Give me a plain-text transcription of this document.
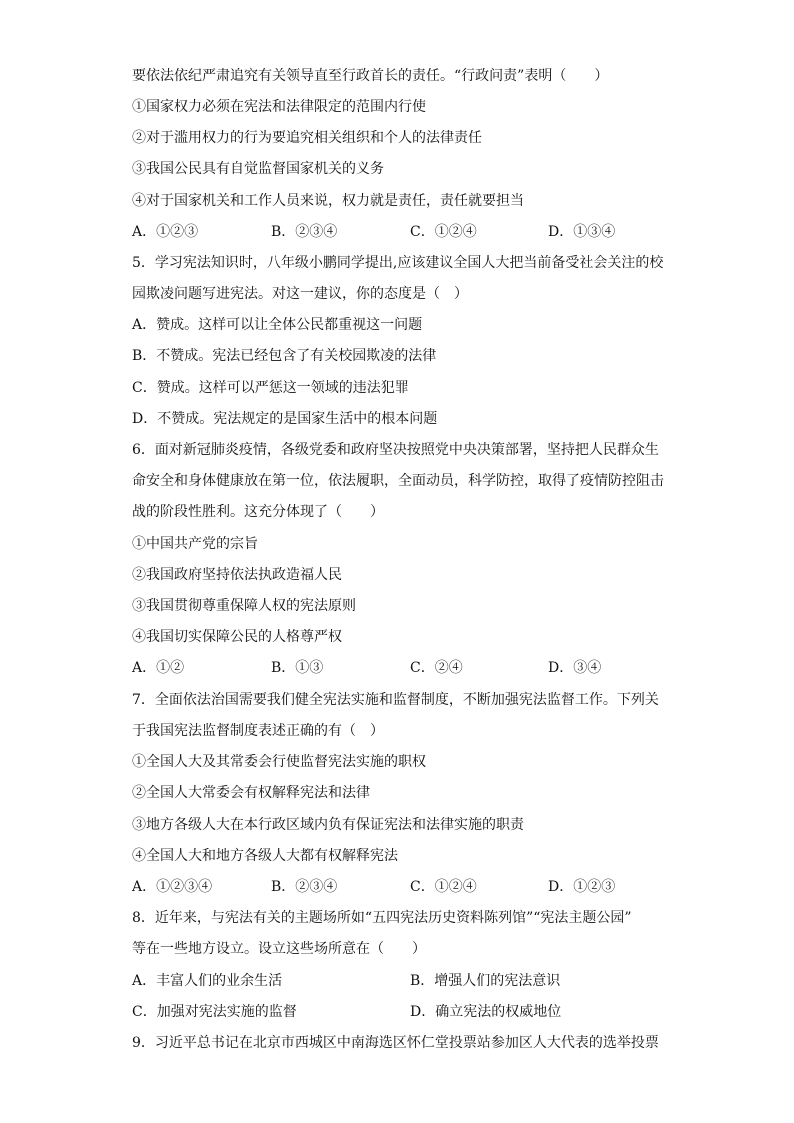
要依法依纪严肃追究有关领导直至行政首长的责任。“行政问责”表明（　　）
①国家权力必须在宪法和法律限定的范围内行使
②对于滥用权力的行为要追究相关组织和个人的法律责任
③我国公民具有自觉监督国家机关的义务
④对于国家机关和工作人员来说，权力就是责任，责任就要担当
A．①②③	B．②③④	C．①②④	D．①③④
5．学习宪法知识时，八年级小鹏同学提出,应该建议全国人大把当前备受社会关注的校
园欺凌问题写进宪法。对这一建议，你的态度是（　）
A．赞成。这样可以让全体公民都重视这一问题
B．不赞成。宪法已经包含了有关校园欺凌的法律
C．赞成。这样可以严惩这一领域的违法犯罪
D．不赞成。宪法规定的是国家生活中的根本问题
6．面对新冠肺炎疫情，各级党委和政府坚决按照党中央决策部署，坚持把人民群众生
命安全和身体健康放在第一位，依法履职，全面动员，科学防控，取得了疫情防控阻击
战的阶段性胜利。这充分体现了（　　）
①中国共产党的宗旨
②我国政府坚持依法执政造福人民
③我国贯彻尊重保障人权的宪法原则
④我国切实保障公民的人格尊严权
A．①②	B．①③	C．②④	D．③④
7．全面依法治国需要我们健全宪法实施和监督制度，不断加强宪法监督工作。下列关
于我国宪法监督制度表述正确的有（　）
①全国人大及其常委会行使监督宪法实施的职权
②全国人大常委会有权解释宪法和法律
③地方各级人大在本行政区域内负有保证宪法和法律实施的职责
④全国人大和地方各级人大都有权解释宪法
A．①②③④	B．②③④	C．①②④	D．①②③
8．近年来，与宪法有关的主题场所如“五四宪法历史资料陈列馆”“宪法主题公园”
等在一些地方设立。设立这些场所意在（　　）
A．丰富人们的业余生活	B．增强人们的宪法意识
C．加强对宪法实施的监督	D．确立宪法的权威地位
9．习近平总书记在北京市西城区中南海选区怀仁堂投票站参加区人大代表的选举投票
